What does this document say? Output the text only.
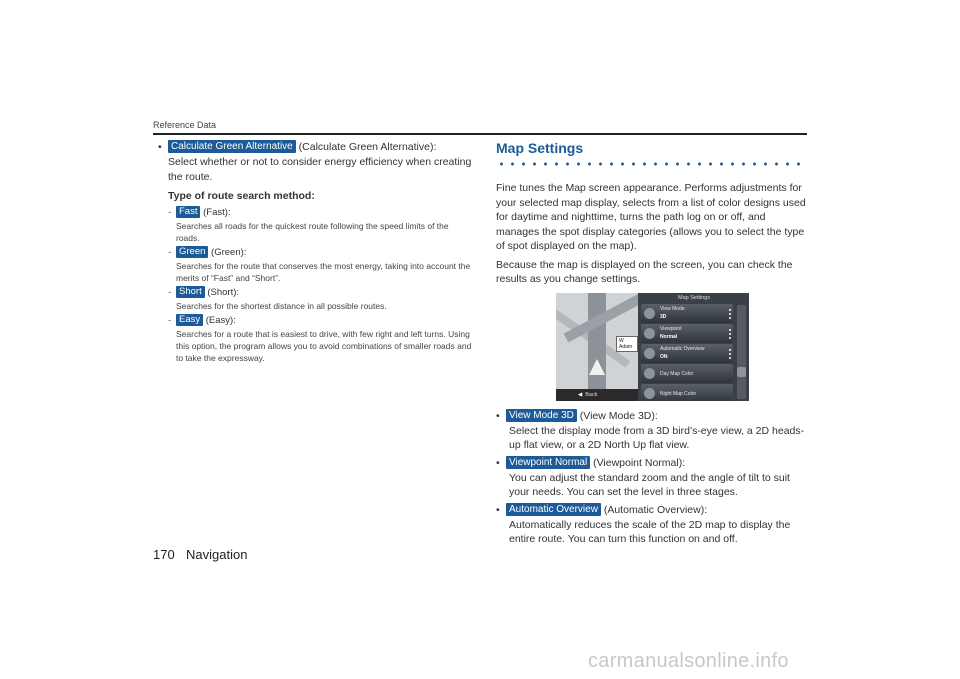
Reference Data
• Calculate Green Alternative (Calculate Green Alternative):
Select whether or not to consider energy efficiency when creating the route.
Type of route search method:
- Fast (Fast):
Searches all roads for the quickest route following the speed limits of the roads.
- Green (Green):
Searches for the route that conserves the most energy, taking into account the merits of “Fast” and “Short”.
- Short (Short):
Searches for the shortest distance in all possible routes.
- Easy (Easy):
Searches for a route that is easiest to drive, with few right and left turns. Using this option, the program allows you to avoid combinations of smaller roads and to take the expressway.
Map Settings
Fine tunes the Map screen appearance. Performs adjustments for your selected map display, selects from a list of color designs used for daytime and nighttime, turns the path log on or off, and manages the spot display categories (allows you to select the type of spot displayed on the map).
Because the map is displayed on the screen, you can check the results as you change settings.
W Adam
◀ Back
Map Settings
View Mode
3D
Viewpoint
Normal
Automatic Overview
ON
Day Map Color
Night Map Color
• View Mode 3D (View Mode 3D):
Select the display mode from a 3D bird’s-eye view, a 2D heads-up flat view, or a 2D North Up flat view.
• Viewpoint Normal (Viewpoint Normal):
You can adjust the standard zoom and the angle of tilt to suit your needs. You can set the level in three stages.
• Automatic Overview (Automatic Overview):
Automatically reduces the scale of the 2D map to display the entire route. You can turn this function on and off.
170 Navigation
carmanualsonline.info
